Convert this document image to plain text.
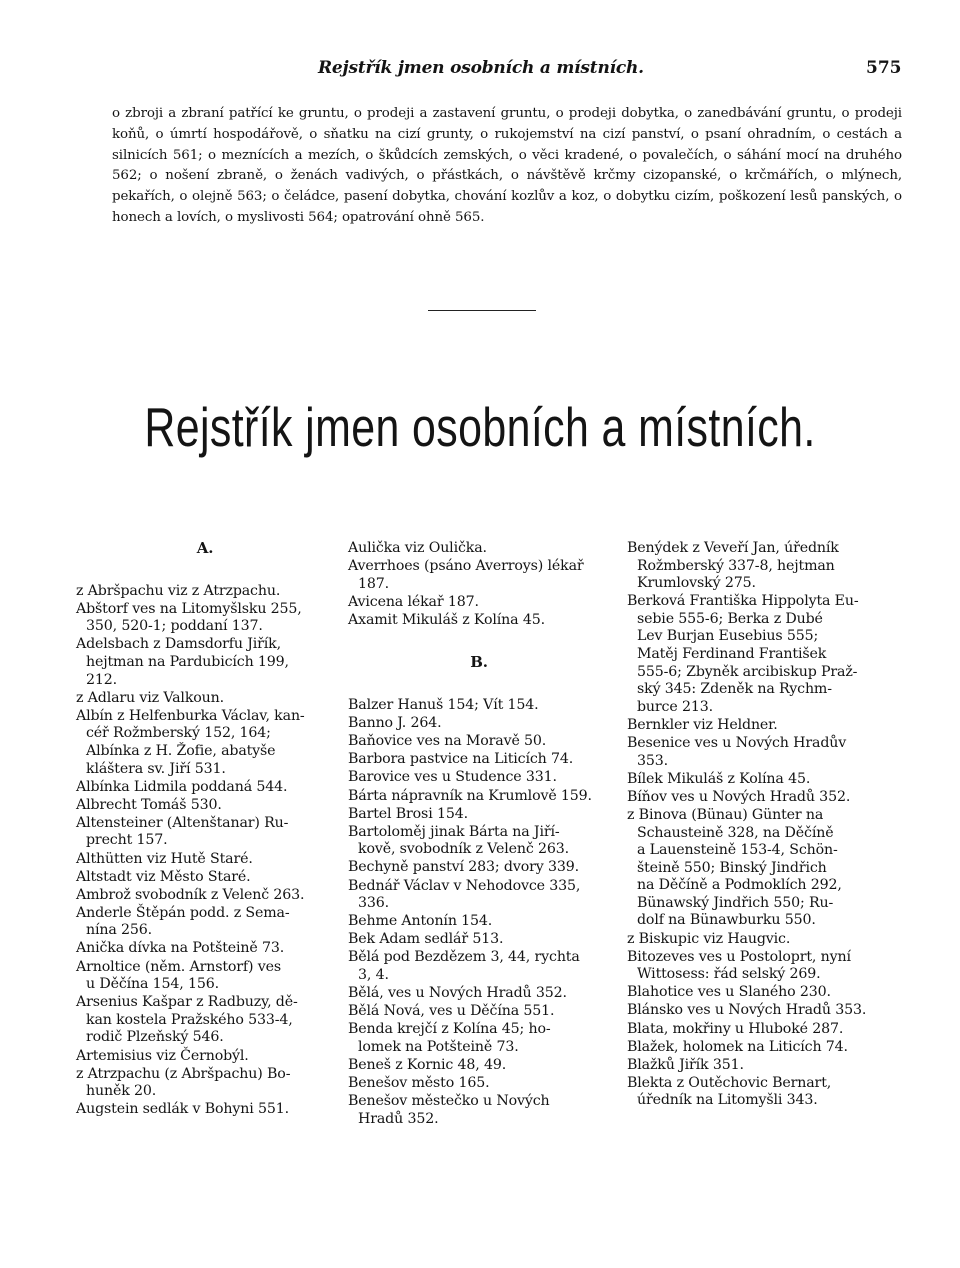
Rejstřík jmen osobních a místních.	575
o zbroji a zbraní patřící ke gruntu, o prodeji a zastavení gruntu, o prodeji dobytka, o zanedbávání gruntu, o prodeji koňů, o úmrtí hospodářově, o sňatku na cizí grunty, o rukojemství na cizí panství, o psaní ohradním, o cestách a silnicích 561; o meznících a mezích, o škůdcích zemských, o věci kradené, o povalečích, o sáhání mocí na druhého 562; o nošení zbraně, o ženách vadivých, o přástkách, o návštěvě krčmy cizopanské, o krčmářích, o mlýnech, pekařích, o olejně 563; o čeládce, pasení dobytka, chování kozlův a koz, o dobytku cizím, poškození lesů panských, o honech a lovích, o myslivosti 564; opatrování ohně 565.
Rejstřík jmen osobních a místních.
A.
z Abršpachu viz z Atrzpachu.
Abštorf ves na Litomyšlsku 255,
350, 520-1; poddaní 137.
Adelsbach z Damsdorfu Jiřík,
hejtman na Pardubicích 199,
212.
z Adlaru viz Valkoun.
Albín z Helfenburka Václav, kan-
céř Rožmberský 152, 164;
Albínka z H. Žofie, abatyše
kláštera sv. Jiří 531.
Albínka Lidmila poddaná 544.
Albrecht Tomáš 530.
Altensteiner (Altenštanar) Ru-
precht 157.
Althütten viz Hutě Staré.
Altstadt viz Město Staré.
Ambrož svobodník z Velenč 263.
Anderle Štěpán podd. z Sema-
nína 256.
Anička dívka na Potšteině 73.
Arnoltice (něm. Arnstorf) ves
u Děčína 154, 156.
Arsenius Kašpar z Radbuzy, dě-
kan kostela Pražského 533-4,
rodič Plzeňský 546.
Artemisius viz Černobýl.
z Atrzpachu (z Abršpachu) Bo-
huněk 20.
Augstein sedlák v Bohyni 551.
Aulička viz Oulička.
Averrhoes (psáno Averroys) lékař
187.
Avicena lékař 187.
Axamit Mikuláš z Kolína 45.
B.
Balzer Hanuš 154; Vít 154.
Banno J. 264.
Baňovice ves na Moravě 50.
Barbora pastvice na Liticích 74.
Barovice ves u Studence 331.
Bárta nápravník na Krumlově 159.
Bartel Brosi 154.
Bartoloměj jinak Bárta na Jiří-
kově, svobodník z Velenč 263.
Bechyně panství 283; dvory 339.
Bednář Václav v Nehodovce 335,
336.
Behme Antonín 154.
Bek Adam sedlář 513.
Bělá pod Bezdězem 3, 44, rychta
3, 4.
Bělá, ves u Nových Hradů 352.
Bělá Nová, ves u Děčína 551.
Benda krejčí z Kolína 45; ho-
lomek na Potšteině 73.
Beneš z Kornic 48, 49.
Benešov město 165.
Benešov městečko u Nových
Hradů 352.
Benýdek z Veveří Jan, úředník
Rožmberský 337-8, hejtman
Krumlovský 275.
Berková Františka Hippolyta Eu-
sebie 555-6; Berka z Dubé
Lev Burjan Eusebius 555;
Matěj Ferdinand František
555-6; Zbyněk arcibiskup Praž-
ský 345: Zdeněk na Rychm-
burce 213.
Bernkler viz Heldner.
Besenice ves u Nových Hradův
353.
Bílek Mikuláš z Kolína 45.
Bíňov ves u Nových Hradů 352.
z Binova (Bünau) Günter na
Schausteině 328, na Děčíně
a Lauensteině 153-4, Schön-
šteině 550; Binský Jindřich
na Děčíně a Podmoklích 292,
Bünawský Jindřich 550; Ru-
dolf na Bünawburku 550.
z Biskupic viz Haugvic.
Bitozeves ves u Postoloprt, nyní
Wittosess: řád selský 269.
Blahotice ves u Slaného 230.
Blánsko ves u Nových Hradů 353.
Blata, mokřiny u Hluboké 287.
Blažek, holomek na Liticích 74.
Blažků Jiřík 351.
Blekta z Outěchovic Bernart,
úředník na Litomyšli 343.
